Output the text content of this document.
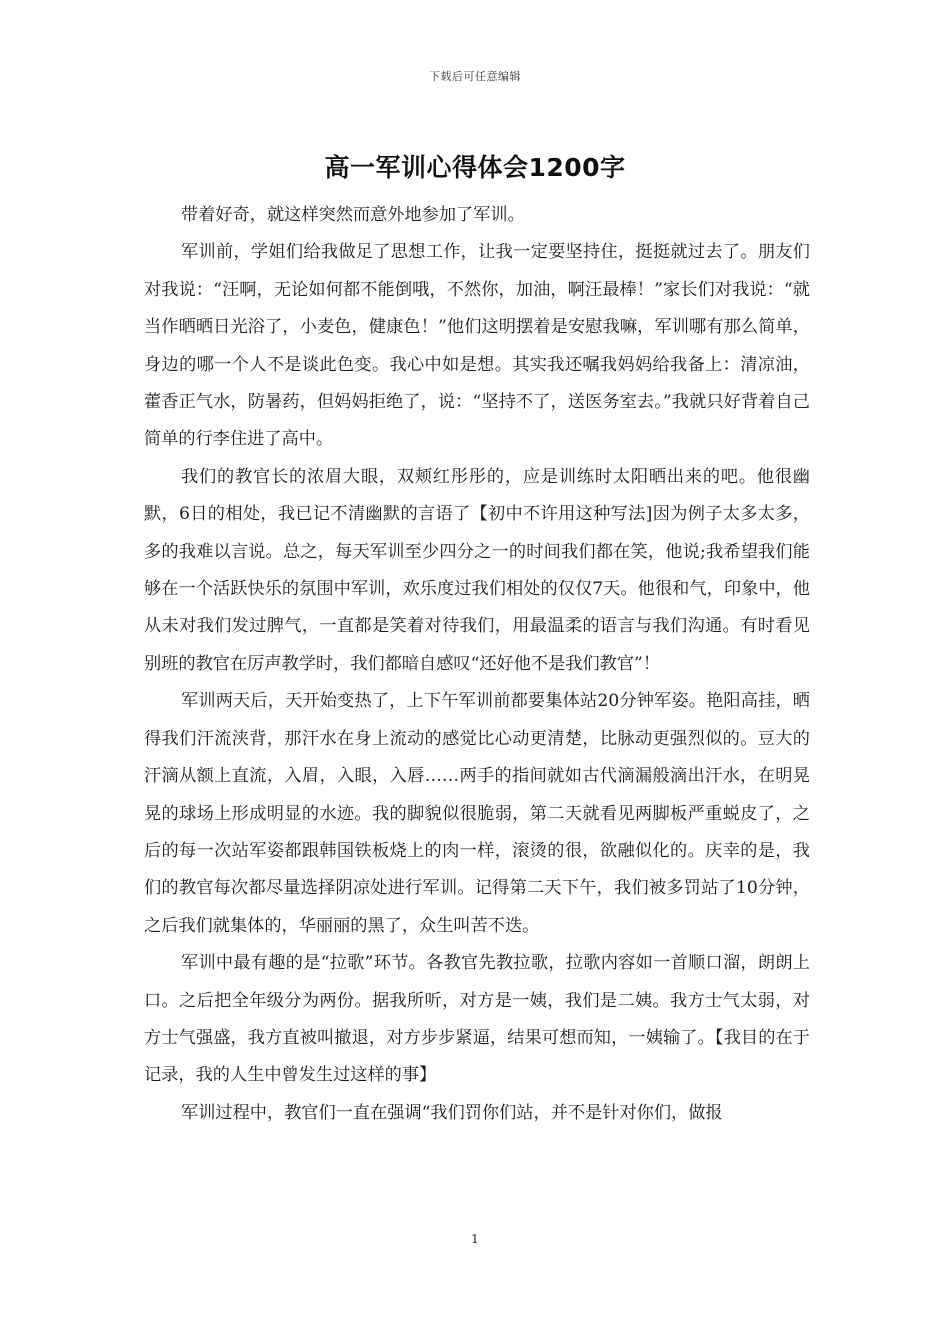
下载后可任意编辑
高一军训心得体会1200字

带着好奇，就这样突然而意外地参加了军训。

军训前，学姐们给我做足了思想工作，让我一定要坚持住，挺挺就过去了。朋友们对我说：“汪啊，无论如何都不能倒哦，不然你，加油，啊汪最棒！”家长们对我说：“就当作晒晒日光浴了，小麦色，健康色！”他们这明摆着是安慰我嘛，军训哪有那么简单，身边的哪一个人不是谈此色变。我心中如是想。其实我还嘱我妈妈给我备上：清凉油，藿香正气水，防暑药，但妈妈拒绝了，说：“坚持不了，送医务室去。”我就只好背着自己简单的行李住进了高中。

我们的教官长的浓眉大眼，双颊红彤彤的，应是训练时太阳晒出来的吧。他很幽默，6日的相处，我已记不清幽默的言语了【初中不许用这种写法]因为例子太多太多，多的我难以言说。总之，每天军训至少四分之一的时间我们都在笑，他说;我希望我们能够在一个活跃快乐的氛围中军训，欢乐度过我们相处的仅仅7天。他很和气，印象中，他从未对我们发过脾气，一直都是笑着对待我们，用最温柔的语言与我们沟通。有时看见别班的教官在厉声教学时，我们都暗自感叹“还好他不是我们教官”！

军训两天后，天开始变热了，上下午军训前都要集体站20分钟军姿。艳阳高挂，晒得我们汗流浃背，那汗水在身上流动的感觉比心动更清楚，比脉动更强烈似的。豆大的汗滴从额上直流，入眉，入眼，入唇……两手的指间就如古代滴漏般滴出汗水，在明晃晃的球场上形成明显的水迹。我的脚貌似很脆弱，第二天就看见两脚板严重蜕皮了，之后的每一次站军姿都跟韩国铁板烧上的肉一样，滚烫的很，欲融似化的。庆幸的是，我们的教官每次都尽量选择阴凉处进行军训。记得第二天下午，我们被多罚站了10分钟，之后我们就集体的，华丽丽的黑了，众生叫苦不迭。

军训中最有趣的是“拉歌”环节。各教官先教拉歌，拉歌内容如一首顺口溜，朗朗上口。之后把全年级分为两份。据我所听，对方是一姨，我们是二姨。我方士气太弱，对方士气强盛，我方直被叫撤退，对方步步紧逼，结果可想而知，一姨输了。【我目的在于记录，我的人生中曾发生过这样的事】

军训过程中，教官们一直在强调“我们罚你们站，并不是针对你们，做报

1
